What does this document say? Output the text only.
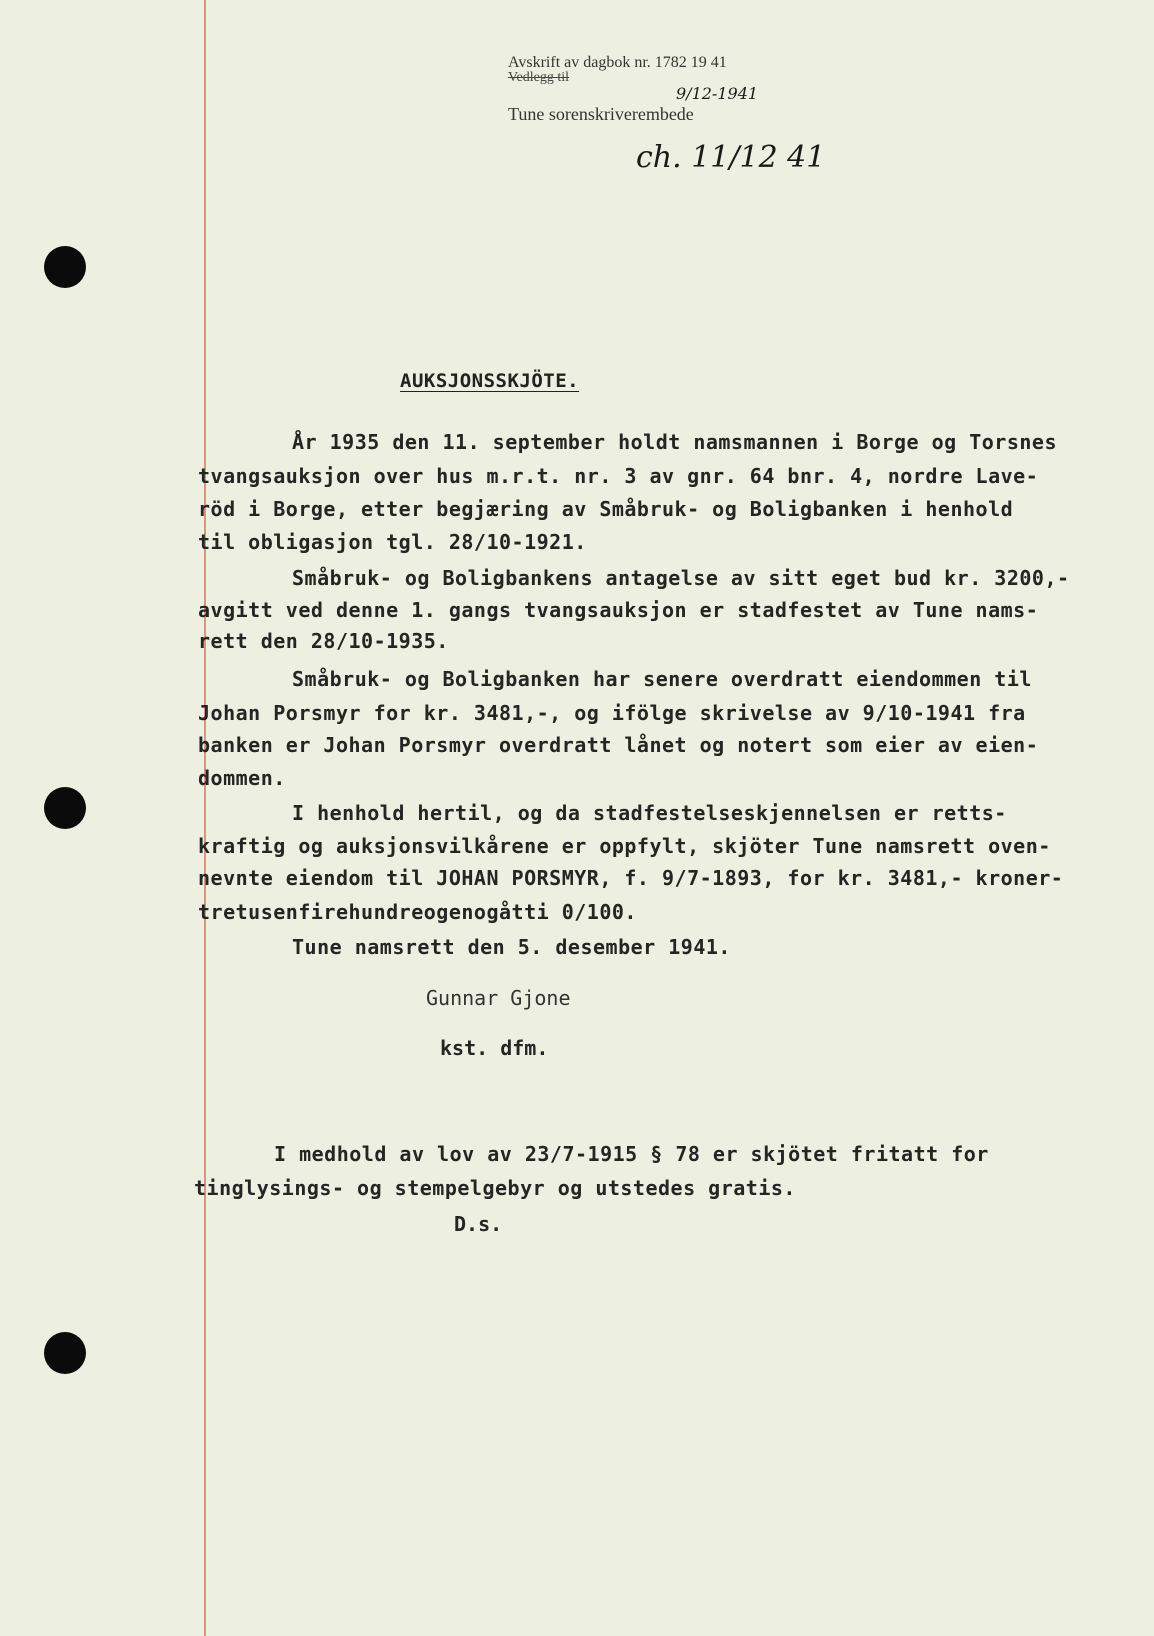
Avskrift av dagbok nr. 1782 19 41
Vedlegg til
Tune sorenskriverembede
9/12-1941
ch. 11/12 41
AUKSJONSSKJÖTE.
År 1935 den 11. september holdt namsmannen i Borge og Torsnes
tvangsauksjon over hus m.r.t. nr. 3 av gnr. 64 bnr. 4, nordre Lave-
röd i Borge, etter begjæring av Småbruk- og Boligbanken i henhold
til obligasjon tgl. 28/10-1921.
Småbruk- og Boligbankens antagelse av sitt eget bud kr. 3200,-
avgitt ved denne 1. gangs tvangsauksjon er stadfestet av Tune nams-
rett den 28/10-1935.
Småbruk- og Boligbanken har senere overdratt eiendommen til
Johan Porsmyr for kr. 3481,-, og ifölge skrivelse av 9/10-1941 fra
banken er Johan Porsmyr overdratt lånet og notert som eier av eien-
dommen.
I henhold hertil, og da stadfestelseskjennelsen er retts-
kraftig og auksjonsvilkårene er oppfylt, skjöter Tune namsrett oven-
nevnte eiendom til JOHAN PORSMYR, f. 9/7-1893, for kr. 3481,- kroner-
tretusenfirehundreogenogåtti 0/100.
Tune namsrett den 5. desember 1941.
Gunnar Gjone
kst. dfm.
I medhold av lov av 23/7-1915 § 78 er skjötet fritatt for
tinglysings- og stempelgebyr og utstedes gratis.
D.s.
